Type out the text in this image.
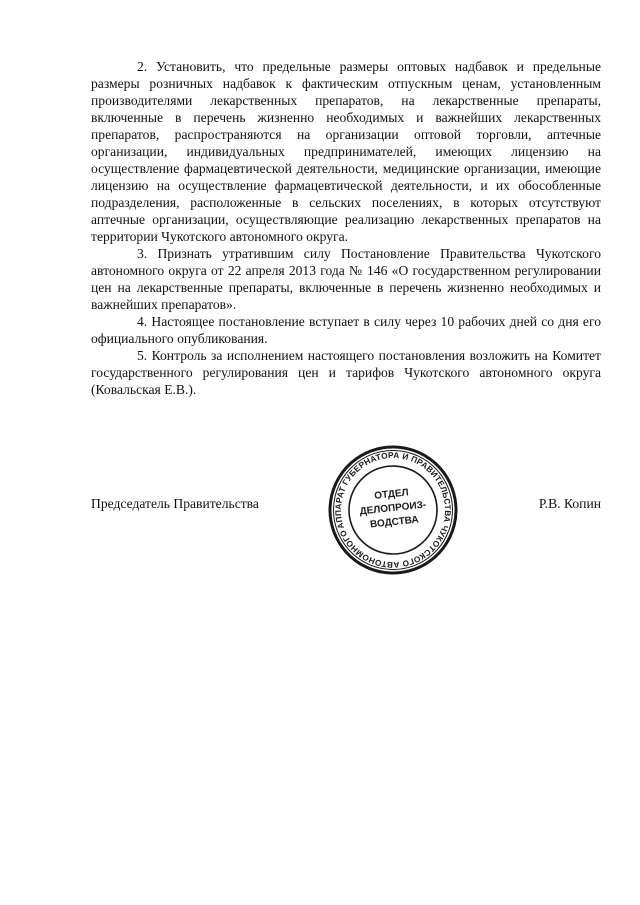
2. Установить, что предельные размеры оптовых надбавок и предельные размеры розничных надбавок к фактическим отпускным ценам, установленным производителями лекарственных препаратов, на лекарственные препараты, включенные в перечень жизненно необходимых и важнейших лекарственных препаратов, распространяются на организации оптовой торговли, аптечные организации, индивидуальных предпринимателей, имеющих лицензию на осуществление фармацевтической деятельности, медицинские организации, имеющие лицензию на осуществление фармацевтической деятельности, и их обособленные подразделения, расположенные в сельских поселениях, в которых отсутствуют аптечные организации, осуществляющие реализацию лекарственных препаратов на территории Чукотского автономного округа.

3. Признать утратившим силу Постановление Правительства Чукотского автономного округа от 22 апреля 2013 года № 146 «О государственном регулировании цен на лекарственные препараты, включенные в перечень жизненно необходимых и важнейших препаратов».

4. Настоящее постановление вступает в силу через 10 рабочих дней со дня его официального опубликования.

5. Контроль за исполнением настоящего постановления возложить на Комитет государственного регулирования цен и тарифов Чукотского автономного округа (Ковальская Е.В.).

Председатель Правительства	Р.В. Копин
АППАРАТ ГУБЕРНАТОРА И ПРАВИТЕЛЬСТВА ЧУКОТСКОГО АВТОНОМНОГО
ОТДЕЛ
ДЕЛОПРОИЗ-
ВОДСТВА
